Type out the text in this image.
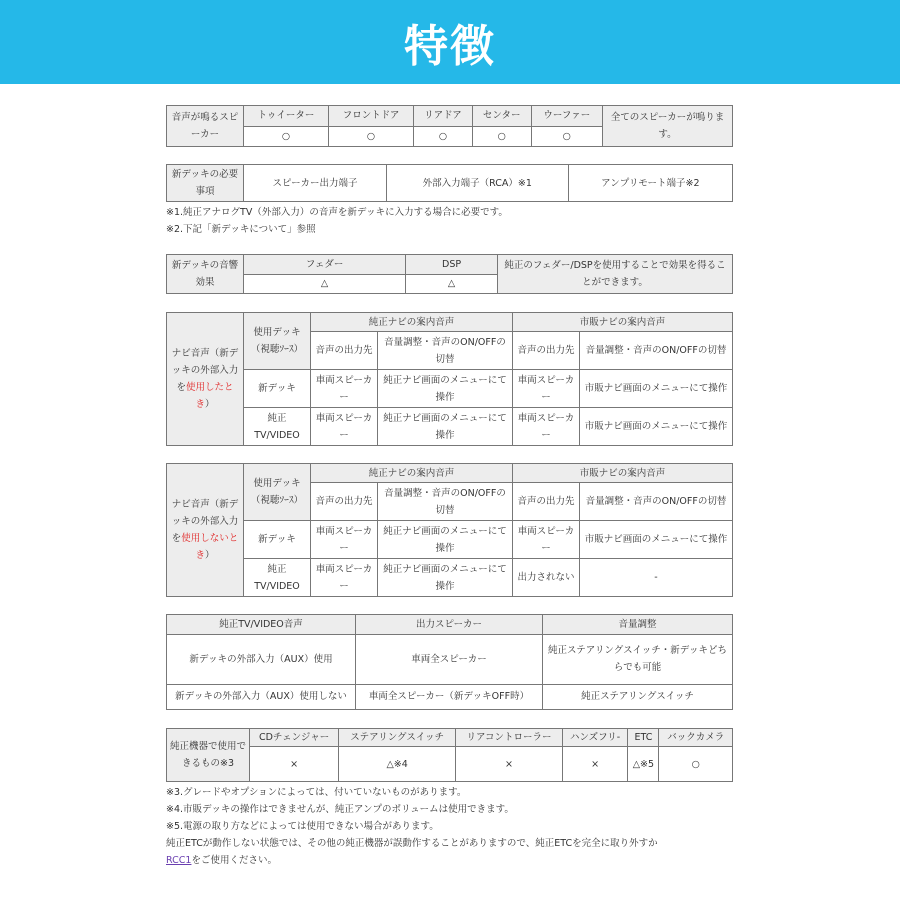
特徴
音声が鳴るスピーカー	トゥイーター	フロントドア	リアドア	センター	ウーファー	全てのスピーカーが鳴ります。
	○	○	○	○	○	
新デッキの必要事項	スピーカー出力端子	外部入力端子（RCA）※1	アンプリモート端子※2
※1.純正アナログTV（外部入力）の音声を新デッキに入力する場合に必要です。
※2.下記「新デッキについて」参照
新デッキの音響効果	フェダー	DSP	純正のフェダー/DSPを使用することで効果を得ることができます。
	△	△	
ナビ音声（新デッキの外部入力を使用したとき）	使用デッキ（視聴ｿｰｽ）	純正ナビの案内音声		市販ナビの案内音声	
		音声の出力先	音量調整・音声のON/OFFの切替	音声の出力先	音量調整・音声のON/OFFの切替
	新デッキ	車両スピーカー	純正ナビ画面のメニューにて操作	車両スピーカー	市販ナビ画面のメニューにて操作
	純正TV/VIDEO	車両スピーカー	純正ナビ画面のメニューにて操作	車両スピーカー	市販ナビ画面のメニューにて操作
ナビ音声（新デッキの外部入力を使用しないとき）	使用デッキ（視聴ｿｰｽ）	純正ナビの案内音声		市販ナビの案内音声	
		音声の出力先	音量調整・音声のON/OFFの切替	音声の出力先	音量調整・音声のON/OFFの切替
	新デッキ	車両スピーカー	純正ナビ画面のメニューにて操作	車両スピーカー	市販ナビ画面のメニューにて操作
	純正TV/VIDEO	車両スピーカー	純正ナビ画面のメニューにて操作	出力されない	-
純正TV/VIDEO音声	出力スピーカー	音量調整
新デッキの外部入力（AUX）使用	車両全スピーカー	純正ステアリングスイッチ・新デッキどちらでも可能
新デッキの外部入力（AUX）使用しない	車両全スピーカー（新デッキOFF時）	純正ステアリングスイッチ
純正機器で使用できるもの※3	CDチェンジャー	ステアリングスイッチ	リアコントローラー	ハンズフリ-	ETC	バックカメラ
	×	△※4	×	×	△※5	○
※3.グレードやオプションによっては、付いていないものがあります。
※4.市販デッキの操作はできませんが、純正アンプのボリュームは使用できます。
※5.電源の取り方などによっては使用できない場合があります。
純正ETCが動作しない状態では、その他の純正機器が誤動作することがありますので、純正ETCを完全に取り外すか
RCC1をご使用ください。
